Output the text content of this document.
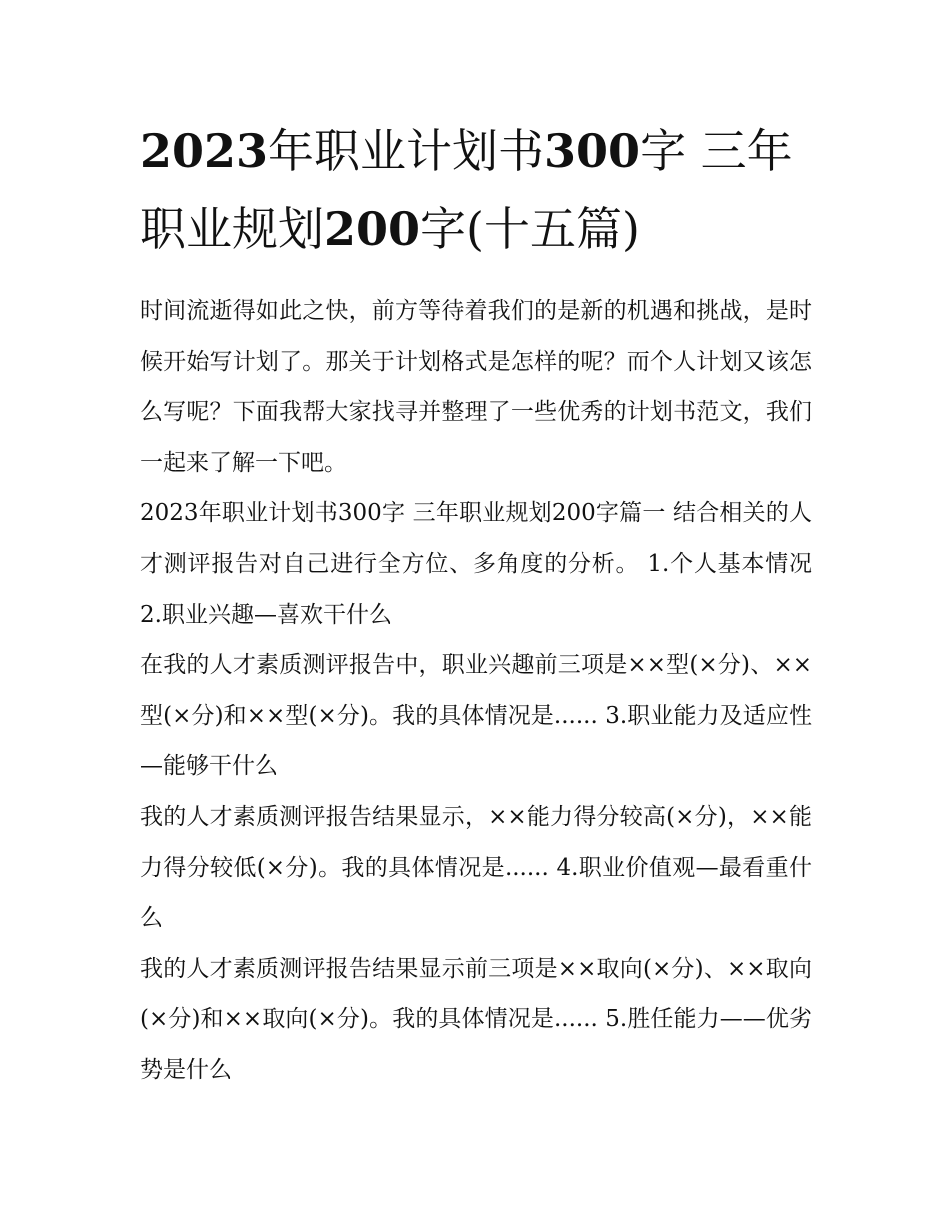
2023年职业计划书300字 三年职业规划200字(十五篇)

时间流逝得如此之快，前方等待着我们的是新的机遇和挑战，是时候开始写计划了。那关于计划格式是怎样的呢？而个人计划又该怎么写呢？下面我帮大家找寻并整理了一些优秀的计划书范文，我们一起来了解一下吧。

2023年职业计划书300字 三年职业规划200字篇一 结合相关的人才测评报告对自己进行全方位、多角度的分析。 1.个人基本情况 2.职业兴趣—喜欢干什么

在我的人才素质测评报告中，职业兴趣前三项是××型(×分)、××型(×分)和××型(×分)。我的具体情况是...... 3.职业能力及适应性—能够干什么

我的人才素质测评报告结果显示，××能力得分较高(×分)，××能力得分较低(×分)。我的具体情况是...... 4.职业价值观—最看重什么

我的人才素质测评报告结果显示前三项是××取向(×分)、××取向(×分)和××取向(×分)。我的具体情况是...... 5.胜任能力——优劣势是什么
